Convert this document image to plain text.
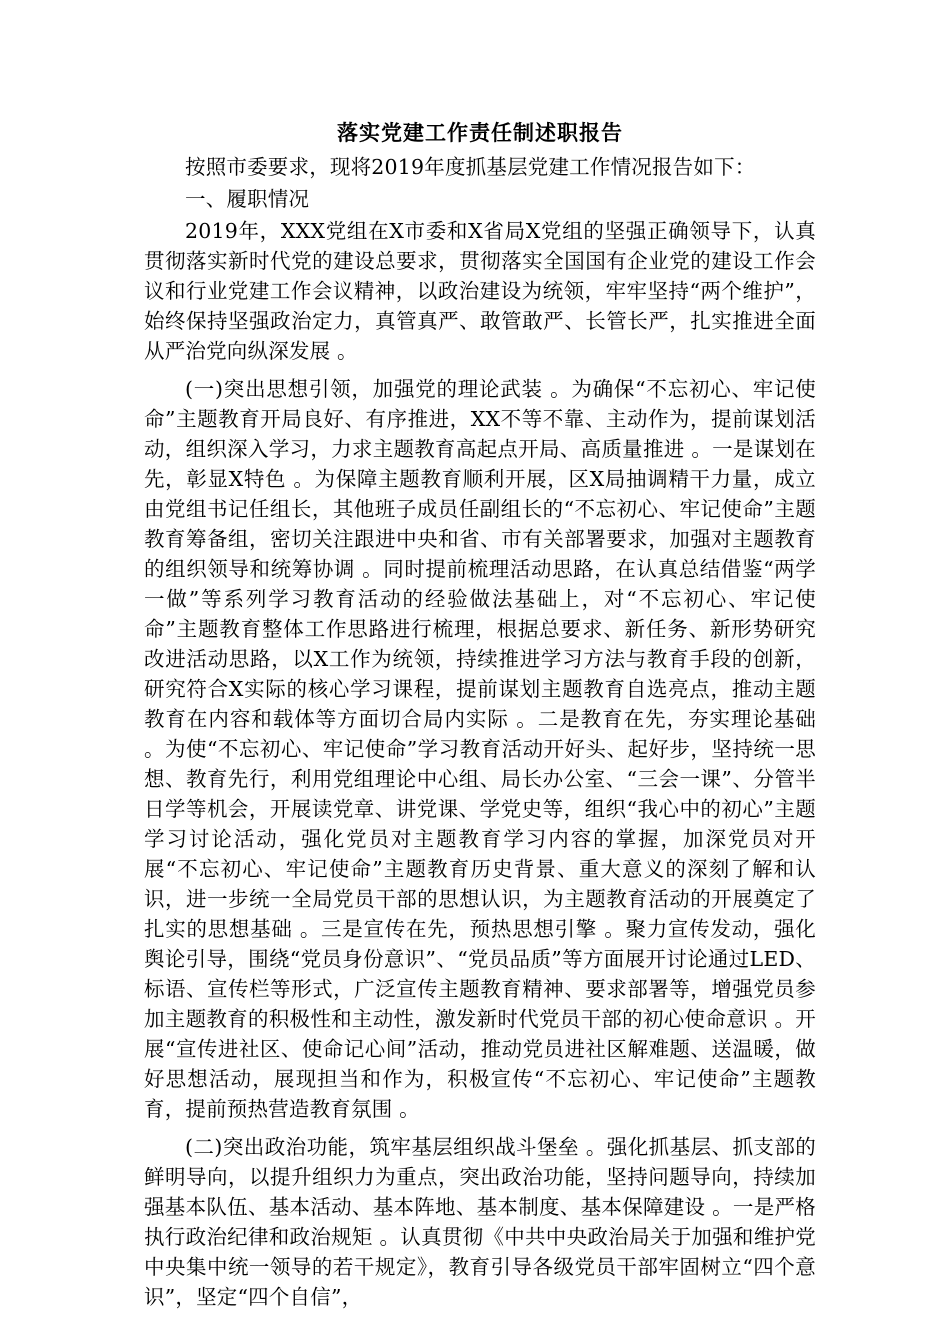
落实党建工作责任制述职报告

按照市委要求，现将2019年度抓基层党建工作情况报告如下：

一、履职情况

2019年，XXX党组在X市委和X省局X党组的坚强正确领导下，认真贯彻落实新时代党的建设总要求，贯彻落实全国国有企业党的建设工作会议和行业党建工作会议精神，以政治建设为统领，牢牢坚持“两个维护”，始终保持坚强政治定力，真管真严、敢管敢严、长管长严，扎实推进全面从严治党向纵深发展 。

(一)突出思想引领，加强党的理论武装 。为确保“不忘初心、牢记使命”主题教育开局良好、有序推进，XX不等不靠、主动作为，提前谋划活动，组织深入学习，力求主题教育高起点开局、高质量推进 。一是谋划在先，彰显X特色 。为保障主题教育顺利开展，区X局抽调精干力量，成立由党组书记任组长，其他班子成员任副组长的“不忘初心、牢记使命”主题教育筹备组，密切关注跟进中央和省、市有关部署要求，加强对主题教育的组织领导和统筹协调 。同时提前梳理活动思路，在认真总结借鉴“两学一做”等系列学习教育活动的经验做法基础上，对“不忘初心、牢记使命”主题教育整体工作思路进行梳理，根据总要求、新任务、新形势研究改进活动思路，以X工作为统领，持续推进学习方法与教育手段的创新，研究符合X实际的核心学习课程，提前谋划主题教育自选亮点，推动主题教育在内容和载体等方面切合局内实际 。二是教育在先，夯实理论基础 。为使“不忘初心、牢记使命”学习教育活动开好头、起好步，坚持统一思想、教育先行，利用党组理论中心组、局长办公室、“三会一课”、分管半日学等机会，开展读党章、讲党课、学党史等，组织“我心中的初心”主题学习讨论活动，强化党员对主题教育学习内容的掌握，加深党员对开展“不忘初心、牢记使命”主题教育历史背景、重大意义的深刻了解和认识，进一步统一全局党员干部的思想认识，为主题教育活动的开展奠定了扎实的思想基础 。三是宣传在先，预热思想引擎 。聚力宣传发动，强化舆论引导，围绕“党员身份意识”、“党员品质”等方面展开讨论通过LED、标语、宣传栏等形式，广泛宣传主题教育精神、要求部署等，增强党员参加主题教育的积极性和主动性，激发新时代党员干部的初心使命意识 。开展“宣传进社区、使命记心间”活动，推动党员进社区解难题、送温暖，做好思想活动，展现担当和作为，积极宣传“不忘初心、牢记使命”主题教育，提前预热营造教育氛围 。

(二)突出政治功能，筑牢基层组织战斗堡垒 。强化抓基层、抓支部的鲜明导向，以提升组织力为重点，突出政治功能，坚持问题导向，持续加强基本队伍、基本活动、基本阵地、基本制度、基本保障建设 。一是严格执行政治纪律和政治规矩 。认真贯彻《中共中央政治局关于加强和维护党中央集中统一领导的若干规定》，教育引导各级党员干部牢固树立“四个意识”，坚定“四个自信”，
